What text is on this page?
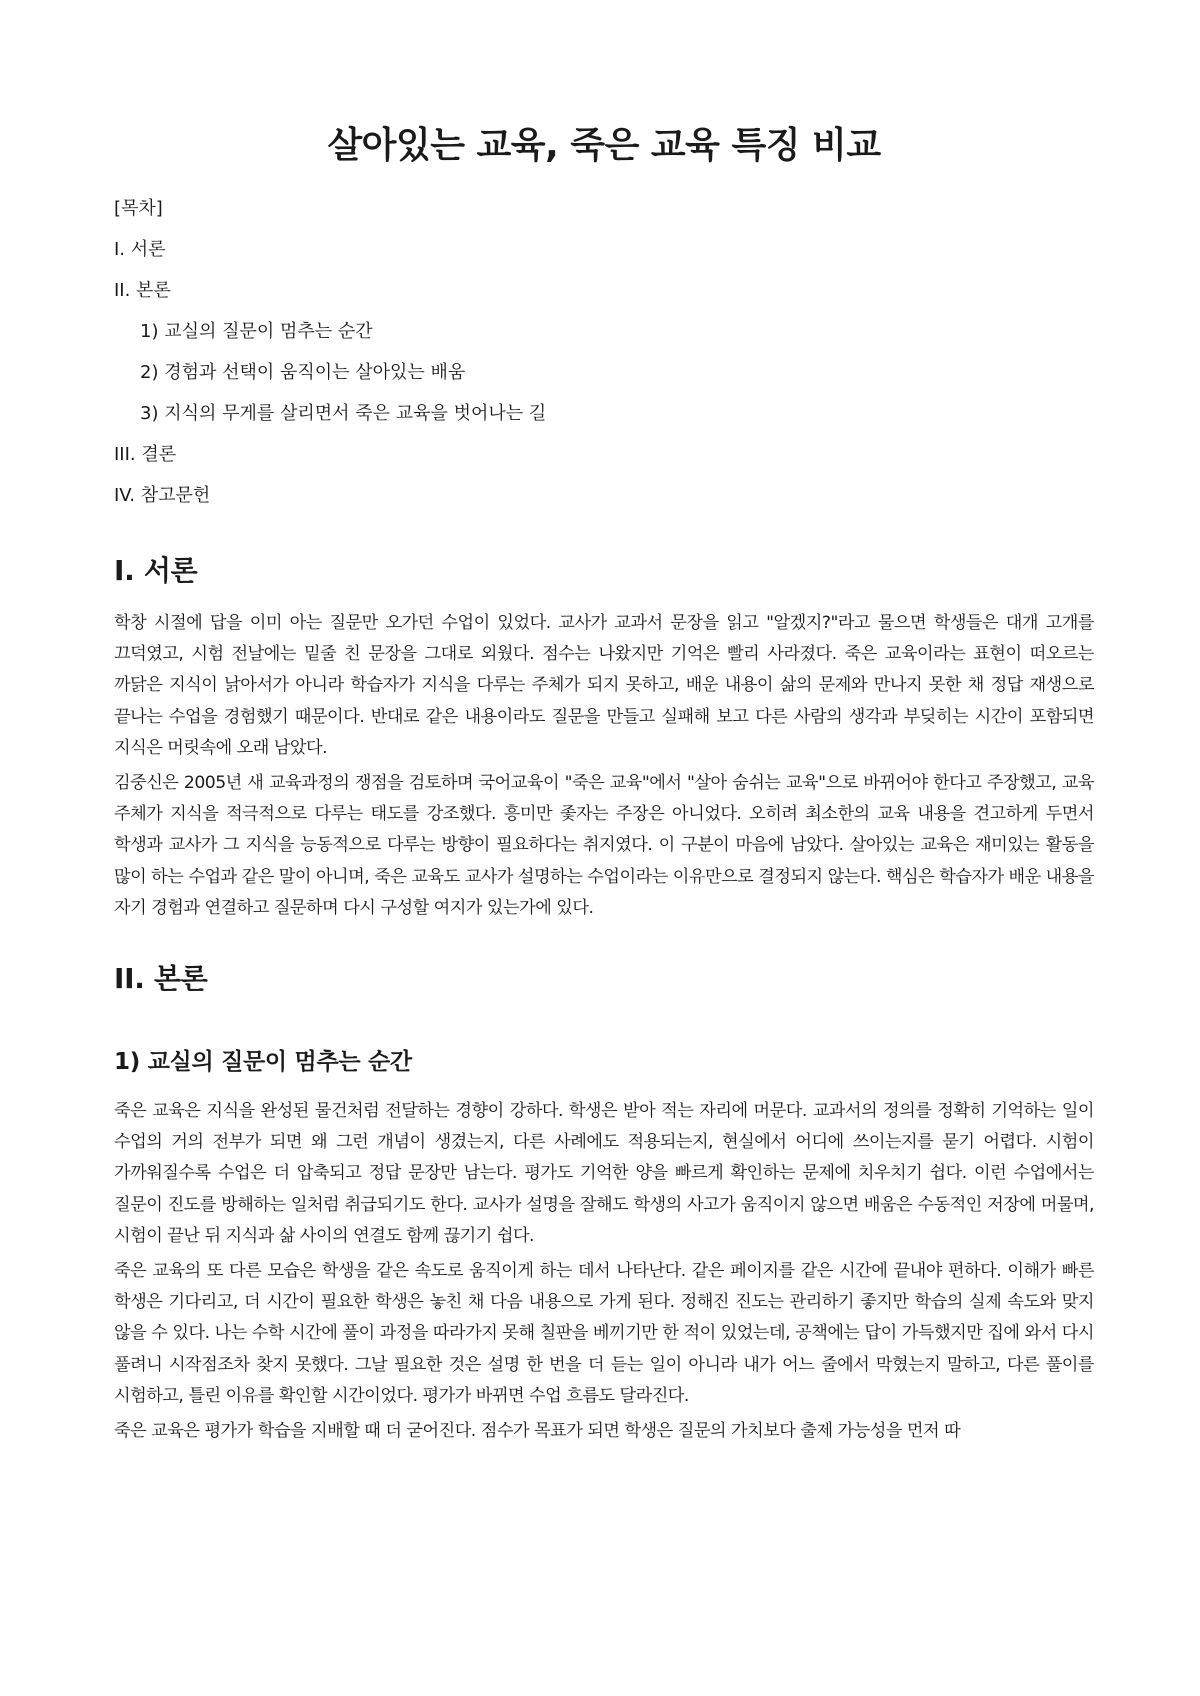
살아있는 교육, 죽은 교육 특징 비교
[목차]
I. 서론
II. 본론
1) 교실의 질문이 멈추는 순간
2) 경험과 선택이 움직이는 살아있는 배움
3) 지식의 무게를 살리면서 죽은 교육을 벗어나는 길
III. 결론
IV. 참고문헌
I. 서론

학창 시절에 답을 이미 아는 질문만 오가던 수업이 있었다. 교사가 교과서 문장을 읽고 "알겠지?"라고 물으면 학생들은 대개 고개를 끄덕였고, 시험 전날에는 밑줄 친 문장을 그대로 외웠다. 점수는 나왔지만 기억은 빨리 사라졌다. 죽은 교육이라는 표현이 떠오르는 까닭은 지식이 낡아서가 아니라 학습자가 지식을 다루는 주체가 되지 못하고, 배운 내용이 삶의 문제와 만나지 못한 채 정답 재생으로 끝나는 수업을 경험했기 때문이다. 반대로 같은 내용이라도 질문을 만들고 실패해 보고 다른 사람의 생각과 부딪히는 시간이 포함되면 지식은 머릿속에 오래 남았다.

김중신은 2005년 새 교육과정의 쟁점을 검토하며 국어교육이 "죽은 교육"에서 "살아 숨쉬는 교육"으로 바뀌어야 한다고 주장했고, 교육 주체가 지식을 적극적으로 다루는 태도를 강조했다. 흥미만 좇자는 주장은 아니었다. 오히려 최소한의 교육 내용을 견고하게 두면서 학생과 교사가 그 지식을 능동적으로 다루는 방향이 필요하다는 취지였다. 이 구분이 마음에 남았다. 살아있는 교육은 재미있는 활동을 많이 하는 수업과 같은 말이 아니며, 죽은 교육도 교사가 설명하는 수업이라는 이유만으로 결정되지 않는다. 핵심은 학습자가 배운 내용을 자기 경험과 연결하고 질문하며 다시 구성할 여지가 있는가에 있다.

II. 본론
1) 교실의 질문이 멈추는 순간

죽은 교육은 지식을 완성된 물건처럼 전달하는 경향이 강하다. 학생은 받아 적는 자리에 머문다. 교과서의 정의를 정확히 기억하는 일이 수업의 거의 전부가 되면 왜 그런 개념이 생겼는지, 다른 사례에도 적용되는지, 현실에서 어디에 쓰이는지를 묻기 어렵다. 시험이 가까워질수록 수업은 더 압축되고 정답 문장만 남는다. 평가도 기억한 양을 빠르게 확인하는 문제에 치우치기 쉽다. 이런 수업에서는 질문이 진도를 방해하는 일처럼 취급되기도 한다. 교사가 설명을 잘해도 학생의 사고가 움직이지 않으면 배움은 수동적인 저장에 머물며, 시험이 끝난 뒤 지식과 삶 사이의 연결도 함께 끊기기 쉽다.

죽은 교육의 또 다른 모습은 학생을 같은 속도로 움직이게 하는 데서 나타난다. 같은 페이지를 같은 시간에 끝내야 편하다. 이해가 빠른 학생은 기다리고, 더 시간이 필요한 학생은 놓친 채 다음 내용으로 가게 된다. 정해진 진도는 관리하기 좋지만 학습의 실제 속도와 맞지 않을 수 있다. 나는 수학 시간에 풀이 과정을 따라가지 못해 칠판을 베끼기만 한 적이 있었는데, 공책에는 답이 가득했지만 집에 와서 다시 풀려니 시작점조차 찾지 못했다. 그날 필요한 것은 설명 한 번을 더 듣는 일이 아니라 내가 어느 줄에서 막혔는지 말하고, 다른 풀이를 시험하고, 틀린 이유를 확인할 시간이었다. 평가가 바뀌면 수업 흐름도 달라진다.

죽은 교육은 평가가 학습을 지배할 때 더 굳어진다. 점수가 목표가 되면 학생은 질문의 가치보다 출제 가능성을 먼저 따
